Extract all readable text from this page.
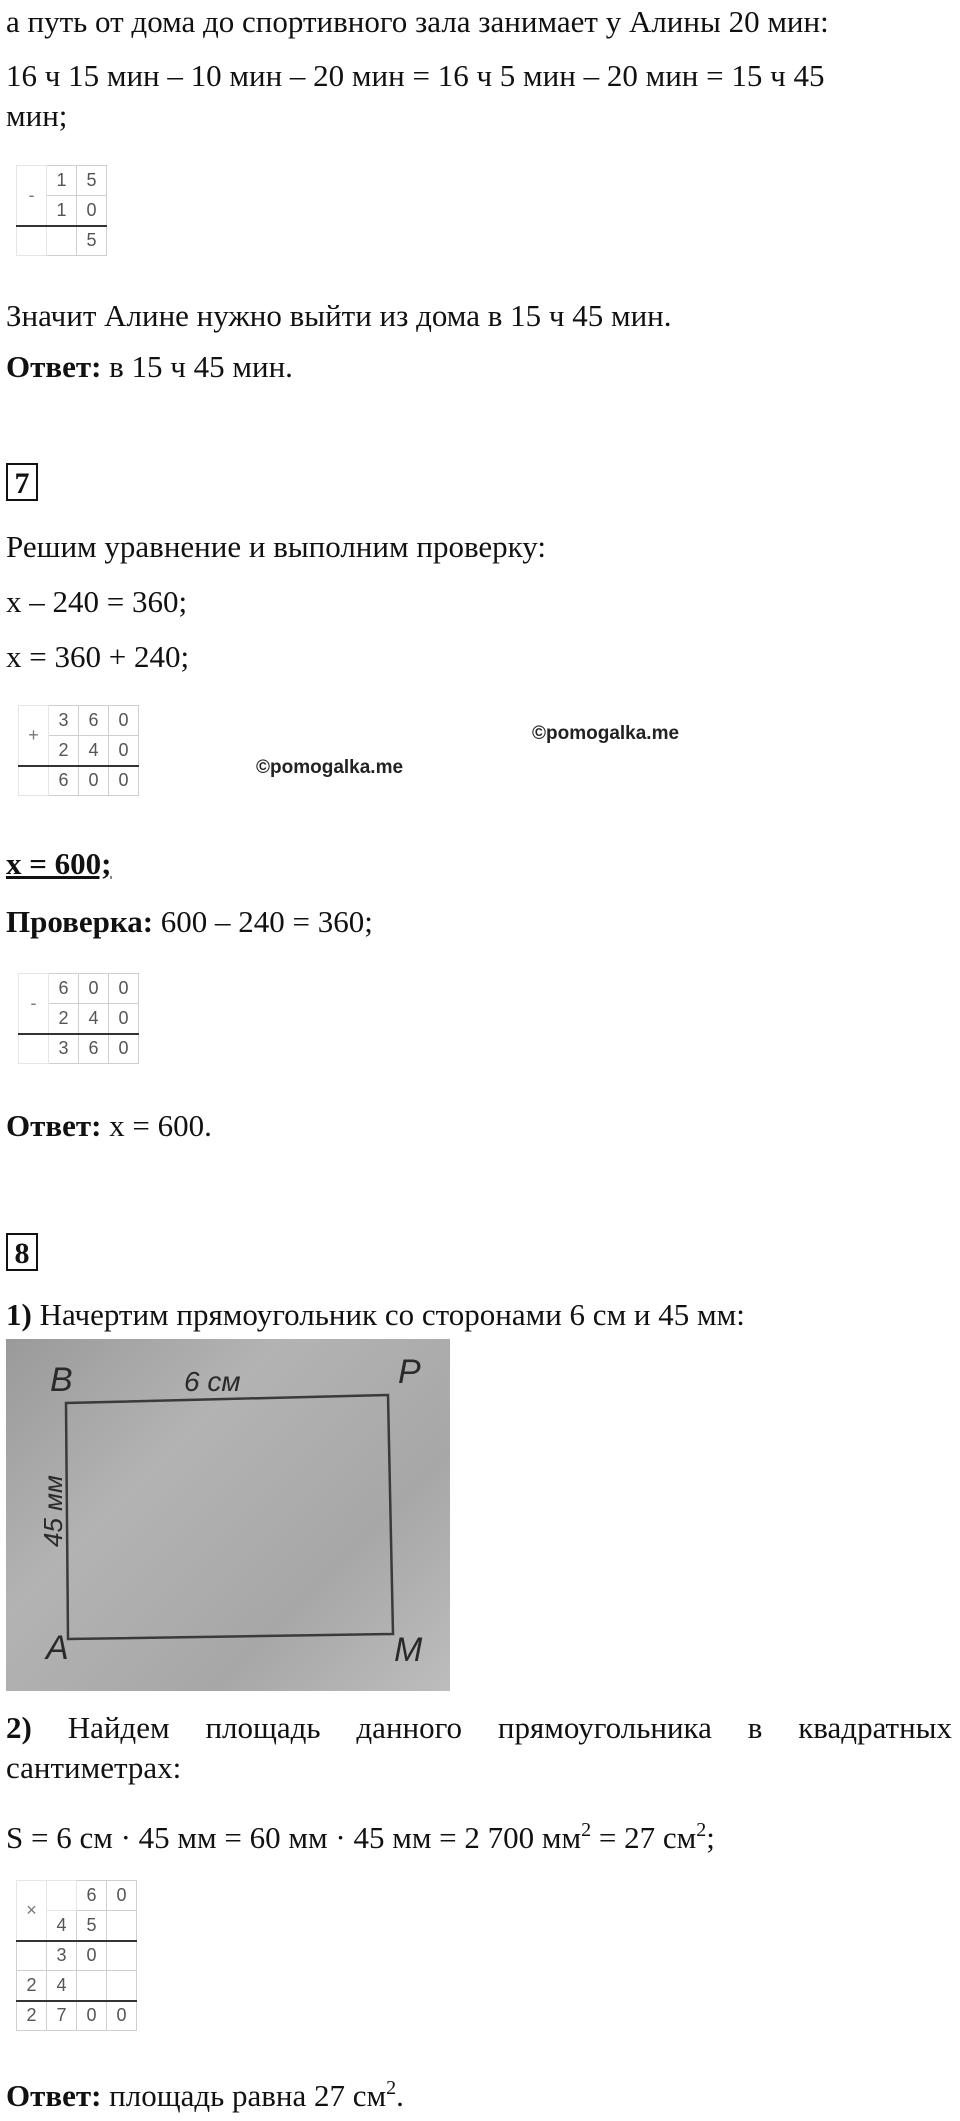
а путь от дома до спортивного зала занимает у Алины 20 мин:
16 ч 15 мин – 10 мин – 20 мин = 16 ч 5 мин – 20 мин = 15 ч 45
мин;
-	1	5
	1	0
		5
Значит Алине нужно выйти из дома в 15 ч 45 мин.
Ответ: в 15 ч 45 мин.
7
Решим уравнение и выполним проверку:
x – 240 = 360;
x = 360 + 240;
+	3	6	0
	2	4	0
	6	0	0
©pomogalka.me
©pomogalka.me
x = 600;
Проверка: 600 – 240 = 360;
-	6	0	0
	2	4	0
	3	6	0
Ответ: x = 600.
8
1) Начертим прямоугольник со сторонами 6 см и 45 мм:
B	P
A	M
6 см
45 мм
2) Найдем площадь данного прямоугольника в квадратных сантиметрах:
S = 6 см · 45 мм = 60 мм · 45 мм = 2 700 $мм^2 = 27$ $см^2$;
×		6	0
	4	5	
	3	0	
2	4		
2	7	0	0
Ответ: площадь равна 27 $см^2$.
